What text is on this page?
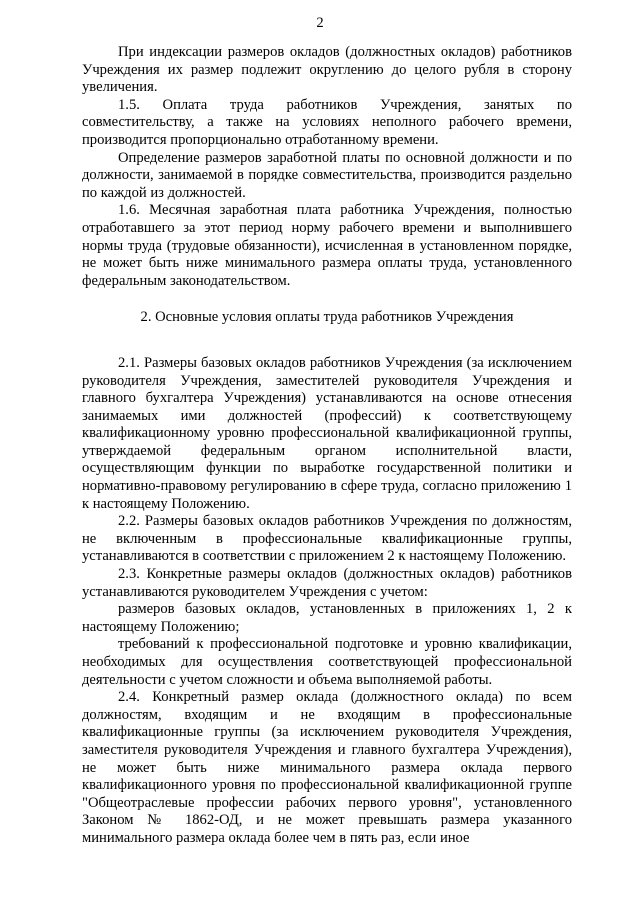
2

При индексации размеров окладов (должностных окладов) работников Учреждения их размер подлежит округлению до целого рубля в сторону увеличения.

1.5. Оплата труда работников Учреждения, занятых по совместительству, а также на условиях неполного рабочего времени, производится пропорционально отработанному времени.

Определение размеров заработной платы по основной должности и по должности, занимаемой в порядке совместительства, производится раздельно по каждой из должностей.

1.6. Месячная заработная плата работника Учреждения, полностью отработавшего за этот период норму рабочего времени и выполнившего нормы труда (трудовые обязанности), исчисленная в установленном порядке, не может быть ниже минимального размера оплаты труда, установленного федеральным законодательством.

2. Основные условия оплаты труда работников Учреждения

2.1. Размеры базовых окладов работников Учреждения (за исключением руководителя Учреждения, заместителей руководителя Учреждения и главного бухгалтера Учреждения) устанавливаются на основе отнесения занимаемых ими должностей (профессий) к соответствующему квалификационному уровню профессиональной квалификационной группы, утверждаемой федеральным органом исполнительной власти, осуществляющим функции по выработке государственной политики и нормативно-правовому регулированию в сфере труда, согласно приложению 1 к настоящему Положению.

2.2. Размеры базовых окладов работников Учреждения по должностям, не включенным в профессиональные квалификационные группы, устанавливаются в соответствии с приложением 2 к настоящему Положению.

2.3. Конкретные размеры окладов (должностных окладов) работников устанавливаются руководителем Учреждения с учетом:

размеров базовых окладов, установленных в приложениях 1, 2 к настоящему Положению;

требований к профессиональной подготовке и уровню квалификации, необходимых для осуществления соответствующей профессиональной деятельности с учетом сложности и объема выполняемой работы.

2.4. Конкретный размер оклада (должностного оклада) по всем должностям, входящим и не входящим в профессиональные квалификационные группы (за исключением руководителя Учреждения, заместителя руководителя Учреждения и главного бухгалтера Учреждения), не может быть ниже минимального размера оклада первого квалификационного уровня по профессиональной квалификационной группе "Общеотраслевые профессии рабочих первого уровня", установленного Законом № 1862-ОД, и не может превышать размера указанного минимального размера оклада более чем в пять раз, если иное
